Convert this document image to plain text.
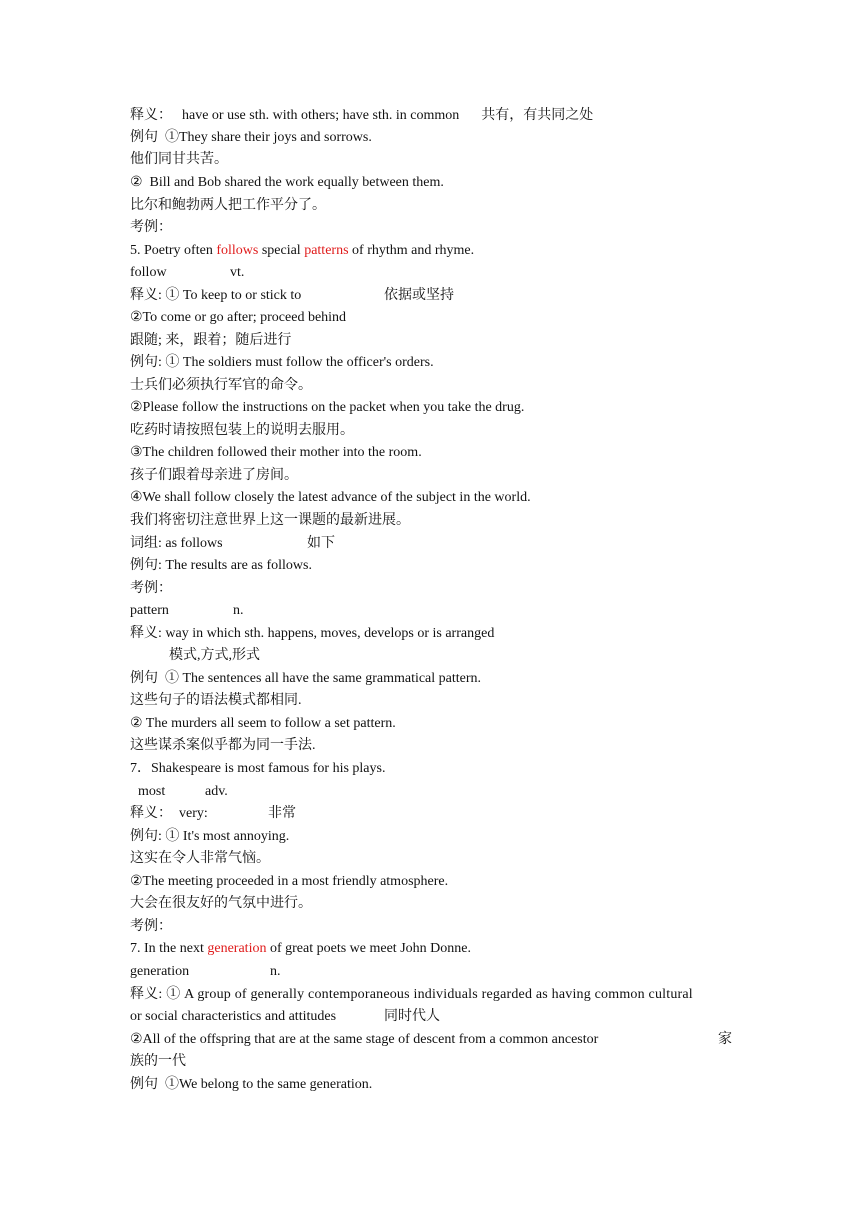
释义： have or use sth. with others; have sth. in common 共有，有共同之处
例句  ①They share their joys and sorrows.
他们同甘共苦。
②  Bill and Bob shared the work equally between them.
比尔和鲍勃两人把工作平分了。
考例：
5. Poetry often follows special patterns of rhythm and rhyme.
follow	vt.
释义: ① To keep to or stick to	依据或坚持
②To come or go after; proceed behind
跟随; 来，跟着；随后进行
例句: ① The soldiers must follow the officer's orders.
士兵们必须执行军官的命令。
②Please follow the instructions on the packet when you take the drug.
吃药时请按照包装上的说明去服用。
③The children followed their mother into the room.
孩子们跟着母亲进了房间。
④We shall follow closely the latest advance of the subject in the world.
我们将密切注意世界上这一课题的最新进展。
词组: as follows	如下
例句: The results are as follows.
考例：
pattern	n.
释义: way in which sth. happens, moves, develops or is arranged
模式,方式,形式
例句  ① The sentences all have the same grammatical pattern.
这些句子的语法模式都相同.
② The murders all seem to follow a set pattern.
这些谋杀案似乎都为同一手法.
7．Shakespeare is most famous for his plays.
most	adv.
释义：  very:	非常
例句: ① It's most annoying.
这实在令人非常气恼。
②The meeting proceeded in a most friendly atmosphere.
大会在很友好的气氛中进行。
考例：
7. In the next generation of great poets we meet John Donne.
generation	n.
释义: ① A group of generally contemporaneous individuals regarded as having common cultural
or social characteristics and attitudes	同时代人
②All of the offspring that are at the same stage of descent from a common ancestor	家
族的一代
例句  ①We belong to the same generation.
